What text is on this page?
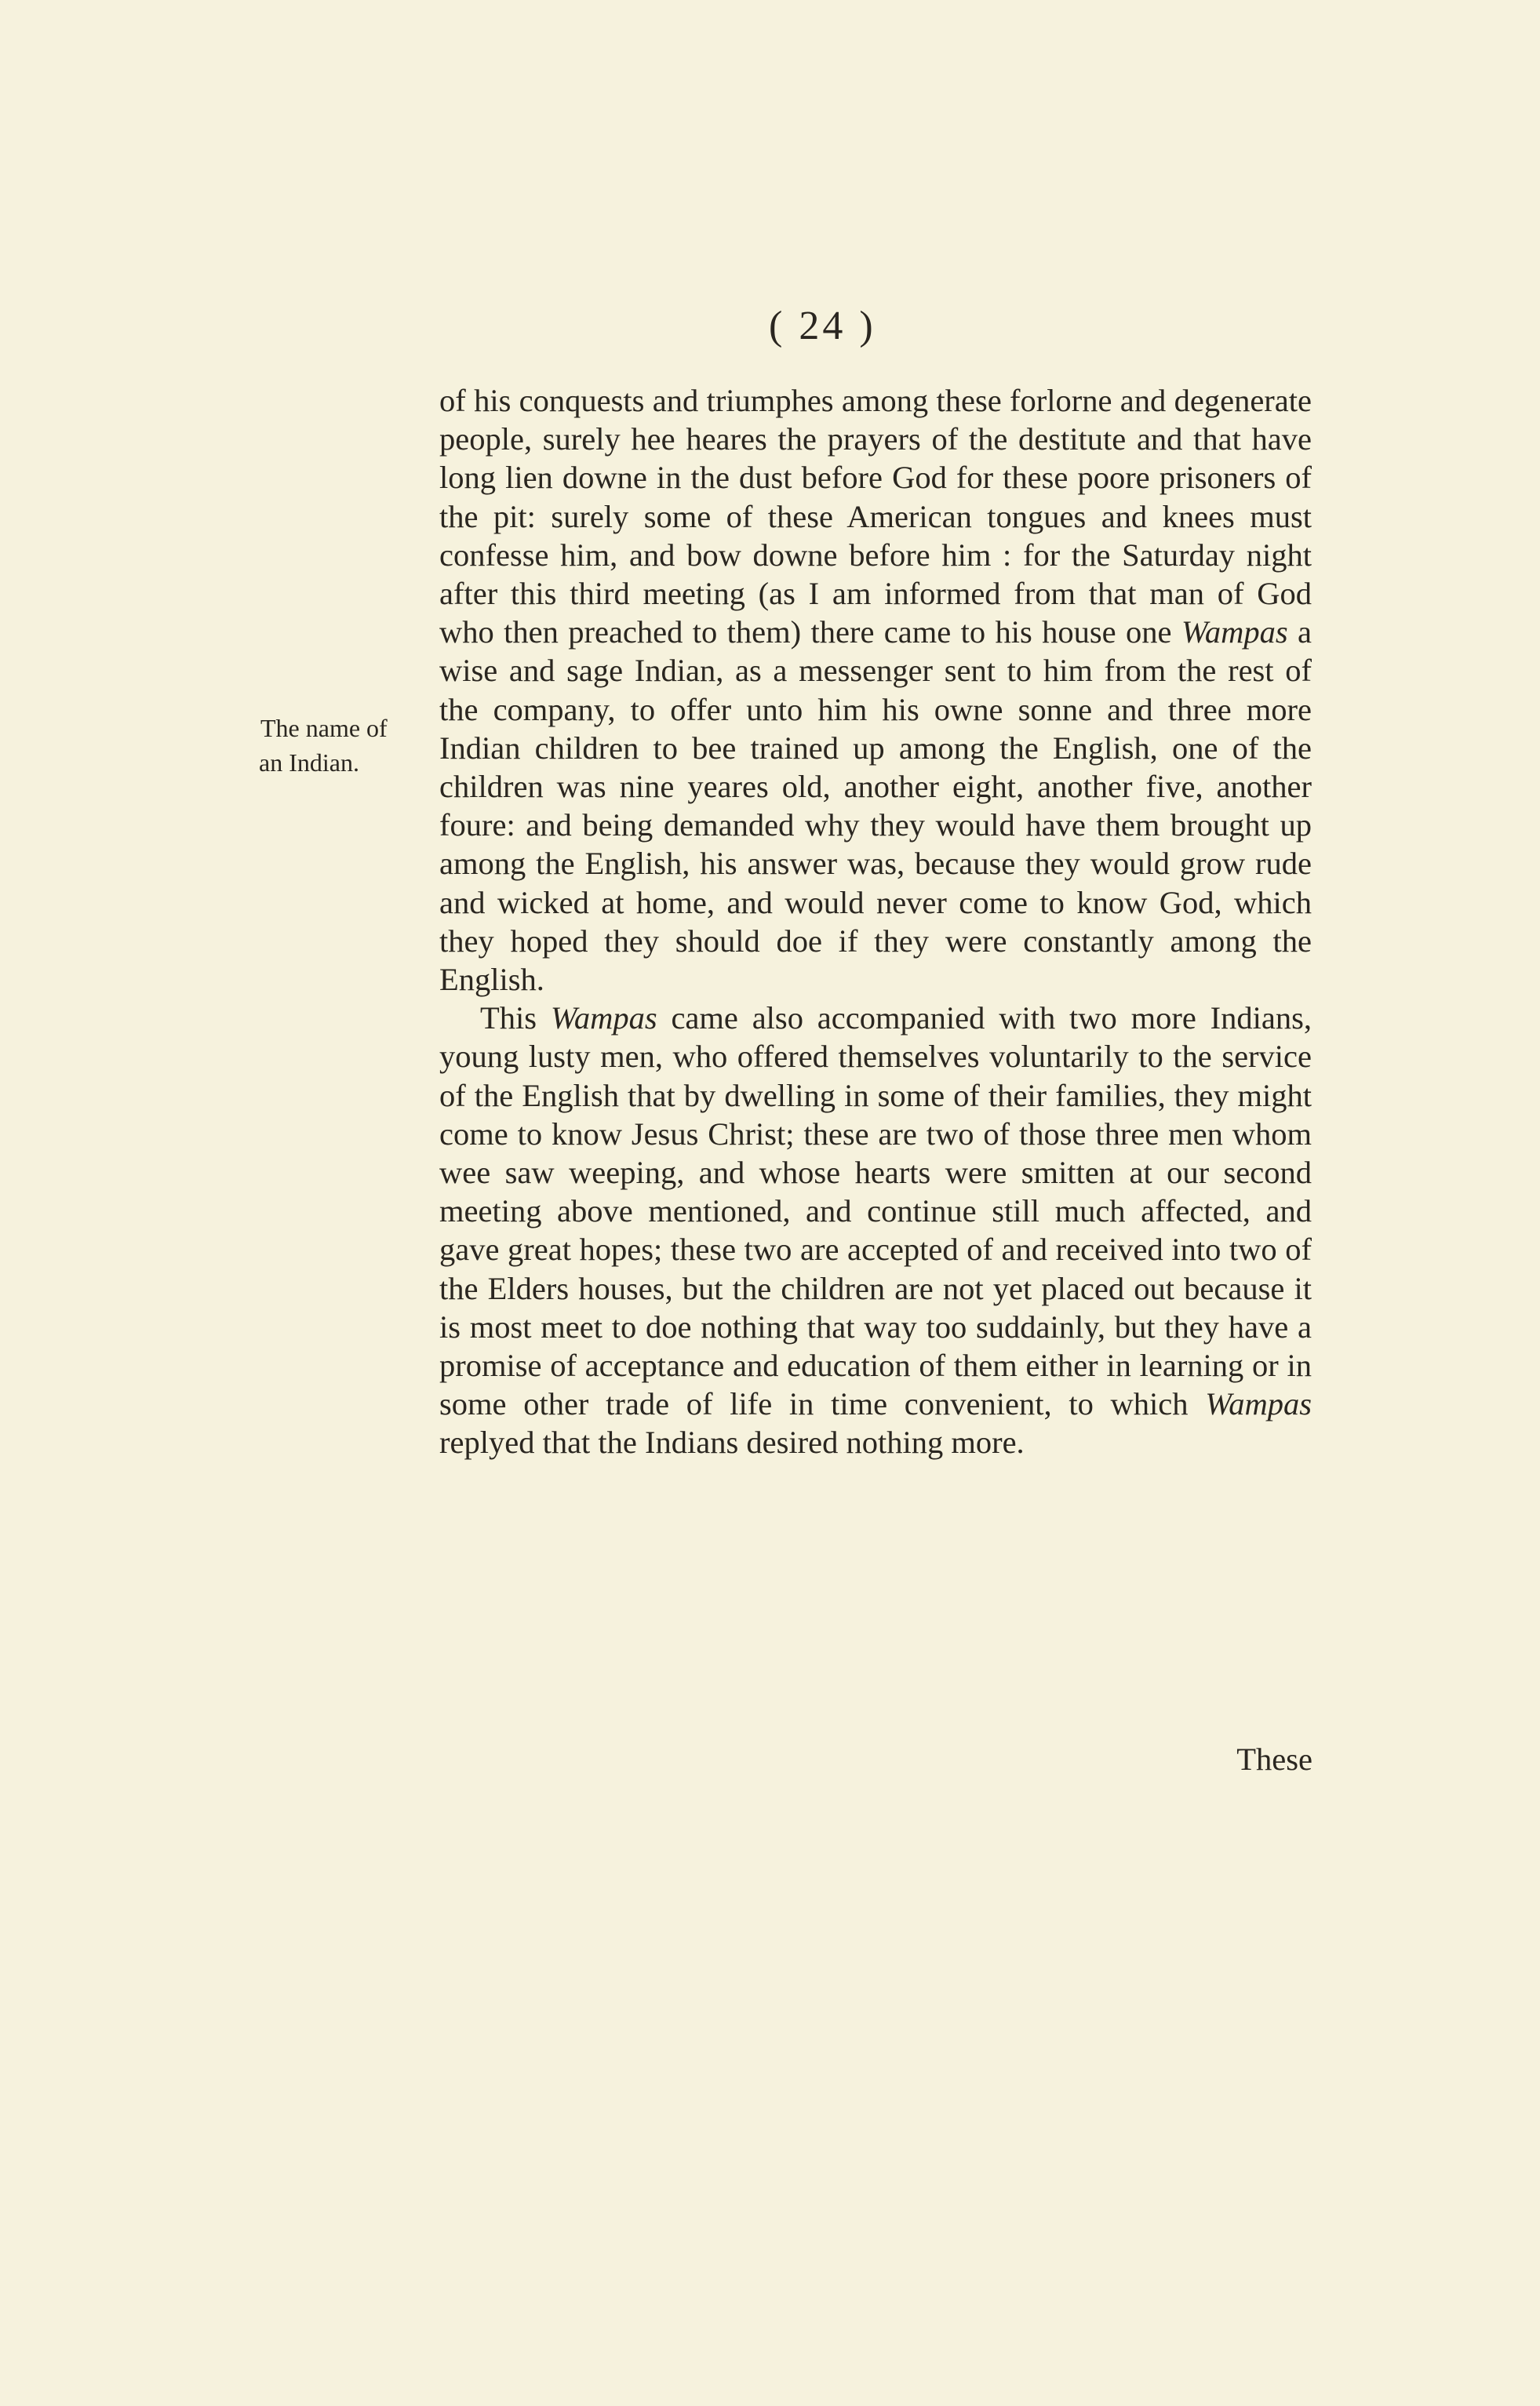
( 24 )
The name of
an Indian.

of his conquests and triumphes among these forlorne and degenerate people, surely hee heares the prayers of the destitute and that have long lien downe in the dust before God for these poore prisoners of the pit: surely some of these American tongues and knees must confesse him, and bow downe before him : for the Saturday night after this third meeting (as I am informed from that man of God who then preached to them) there came to his house one Wampas a wise and sage Indian, as a messenger sent to him from the rest of the company, to offer unto him his owne sonne and three more Indian children to bee trained up among the English, one of the children was nine yeares old, another eight, another five, another foure: and being demanded why they would have them brought up among the English, his answer was, because they would grow rude and wicked at home, and would never come to know God, which they hoped they should doe if they were constantly among the English.

This Wampas came also accompanied with two more Indians, young lusty men, who offered themselves voluntarily to the service of the English that by dwelling in some of their families, they might come to know Jesus Christ; these are two of those three men whom wee saw weeping, and whose hearts were smitten at our second meeting above mentioned, and continue still much affected, and gave great hopes; these two are accepted of and received into two of the Elders houses, but the children are not yet placed out because it is most meet to doe nothing that way too suddainly, but they have a promise of acceptance and education of them either in learning or in some other trade of life in time convenient, to which Wampas replyed that the Indians desired nothing more.

These
